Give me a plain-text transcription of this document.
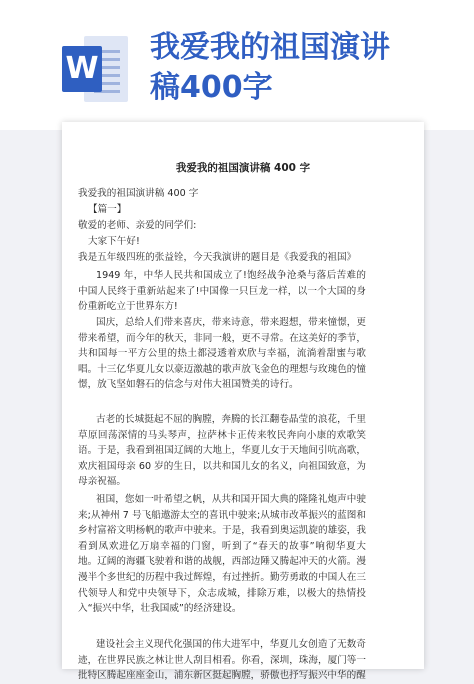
W
我爱我的祖国演讲
稿400字
我爱我的祖国演讲稿 400 字

我爱我的祖国演讲稿 400 字

【篇一】

敬爱的老师、亲爱的同学们:

大家下午好!

我是五年级四班的张益铨，今天我演讲的题目是《我爱我的祖国》

1949 年，中华人民共和国成立了!饱经战争沧桑与落后苦难的中国人民终于重新站起来了!中国像一只巨龙一样，以一个大国的身份重新屹立于世界东方!

国庆，总给人们带来喜庆，带来诗意，带来遐想，带来憧憬，更带来希望，而今年的秋天，非同一般，更不寻常。在这美好的季节，共和国每一平方公里的热土都浸透着欢欣与幸福，流淌着甜蜜与歌唱。十三亿华夏儿女以豪迈激越的歌声放飞金色的理想与玫瑰色的憧憬，放飞坚如磐石的信念与对伟大祖国赞美的诗行。

古老的长城挺起不屈的胸膛，奔腾的长江翻卷晶莹的浪花，千里草原回荡深情的马头琴声，拉萨林卡正传来牧民奔向小康的欢歌笑语。于是，我看到祖国辽阔的大地上，华夏儿女于天地间引吭高歌，欢庆祖国母亲 60 岁的生日，以共和国儿女的名义，向祖国致意，为母亲祝福。

祖国，您如一叶希望之帆，从共和国开国大典的隆隆礼炮声中驶来;从神州 7 号飞船遨游太空的喜讯中驶来;从城市改革振兴的蓝图和乡村富裕文明杨帆的歌声中驶来。于是，我看到奥运凯旋的雄姿，我看到凤欢进亿万扇幸福的门窗，听到了“春天的故事”响彻华夏大地。辽阔的海疆飞驶着和谐的战舰，西部边陲又腾起冲天的火箭。漫漫半个多世纪的历程中我过辉煌，有过挫折。勤劳勇敢的中国人在三代领导人和党中央领导下，众志成城，排除万难，以极大的热情投入“振兴中华，壮我国威”的经济建设。

建设社会主义现代化强国的伟大进军中，华夏儿女创造了无数奇迹，在世界民族之林让世人刮目相看。你看，深圳，珠海，厦门等一批特区腾起座座金山，浦东新区挺起胸膛，骄傲也抒写振兴中华的醒
